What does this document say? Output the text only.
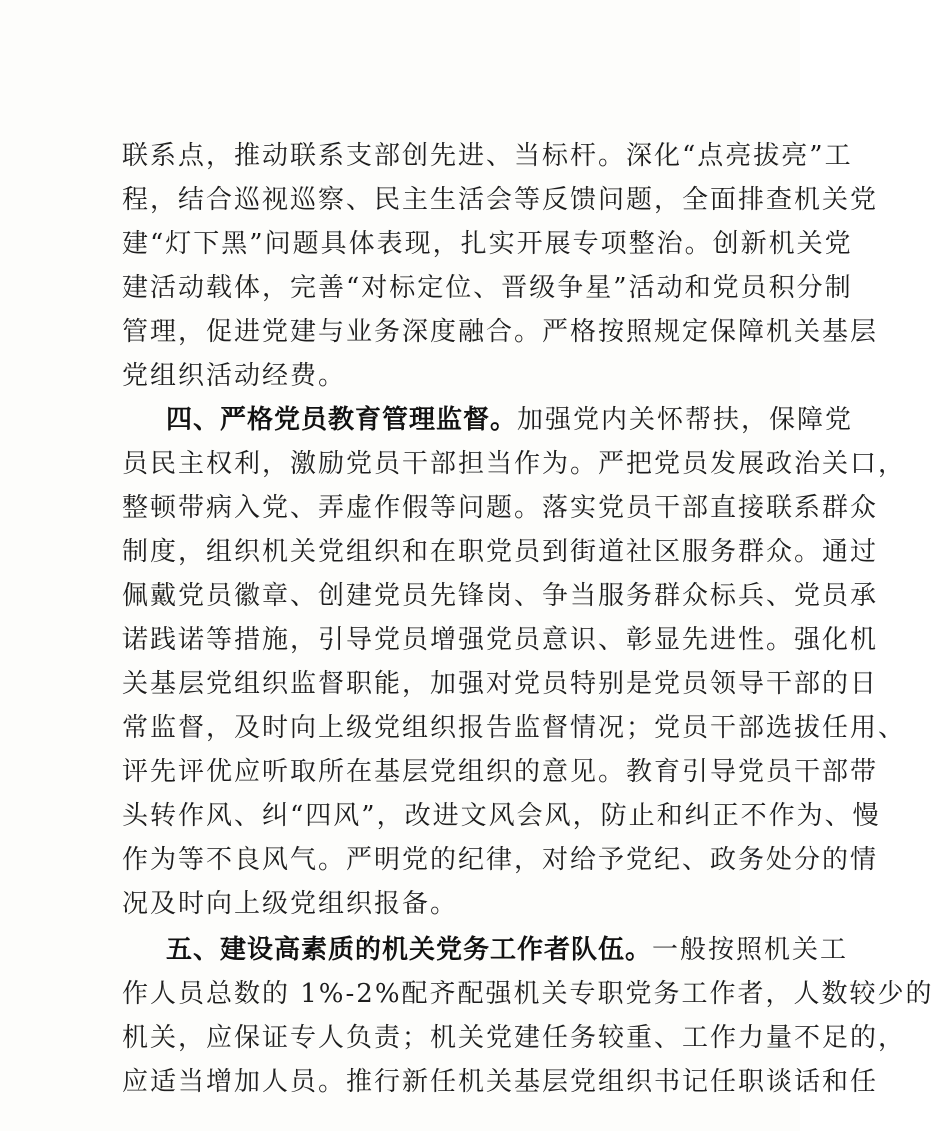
联系点，推动联系支部创先进、当标杆。深化“点亮拔亮”工
程，结合巡视巡察、民主生活会等反馈问题，全面排查机关党
建“灯下黑”问题具体表现，扎实开展专项整治。创新机关党
建活动载体，完善“对标定位、晋级争星”活动和党员积分制
管理，促进党建与业务深度融合。严格按照规定保障机关基层
党组织活动经费。
四、严格党员教育管理监督。加强党内关怀帮扶，保障党
员民主权利，激励党员干部担当作为。严把党员发展政治关口，
整顿带病入党、弄虚作假等问题。落实党员干部直接联系群众
制度，组织机关党组织和在职党员到街道社区服务群众。通过
佩戴党员徽章、创建党员先锋岗、争当服务群众标兵、党员承
诺践诺等措施，引导党员增强党员意识、彰显先进性。强化机
关基层党组织监督职能，加强对党员特别是党员领导干部的日
常监督，及时向上级党组织报告监督情况；党员干部选拔任用、
评先评优应听取所在基层党组织的意见。教育引导党员干部带
头转作风、纠“四风”，改进文风会风，防止和纠正不作为、慢
作为等不良风气。严明党的纪律，对给予党纪、政务处分的情
况及时向上级党组织报备。
五、建设高素质的机关党务工作者队伍。一般按照机关工
作人员总数的 1%-2%配齐配强机关专职党务工作者，人数较少的
机关，应保证专人负责；机关党建任务较重、工作力量不足的，
应适当增加人员。推行新任机关基层党组织书记任职谈话和任
